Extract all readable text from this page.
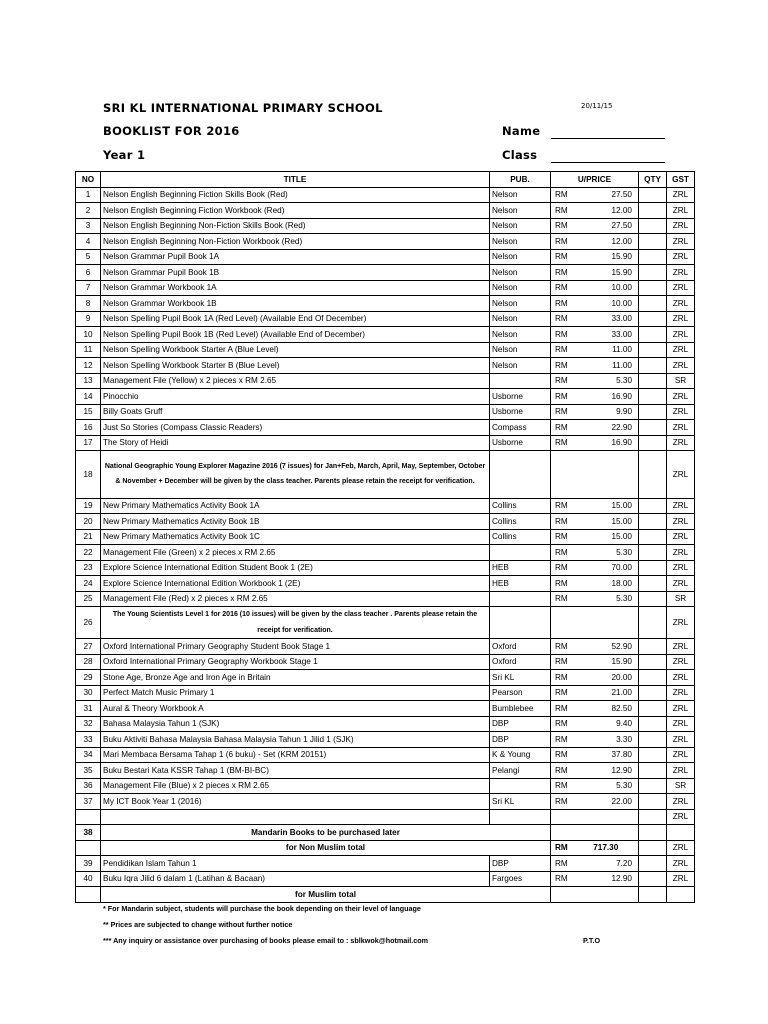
SRI KL INTERNATIONAL PRIMARY SCHOOL	20/11/15
BOOKLIST FOR 2016	Name
Year 1	Class
NO	TITLE	PUB.	U/PRICE		QTY	GST
1	Nelson English Beginning Fiction Skills Book (Red)	Nelson	RM	27.50		ZRL
2	Nelson English Beginning Fiction Workbook (Red)	Nelson	RM	12.00		ZRL
3	Nelson English Beginning Non-Fiction Skills Book (Red)	Nelson	RM	27.50		ZRL
4	Nelson English Beginning Non-Fiction Workbook (Red)	Nelson	RM	12.00		ZRL
5	Nelson Grammar Pupil Book 1A	Nelson	RM	15.90		ZRL
6	Nelson Grammar Pupil Book 1B	Nelson	RM	15.90		ZRL
7	Nelson Grammar Workbook 1A	Nelson	RM	10.00		ZRL
8	Nelson Grammar Workbook 1B	Nelson	RM	10.00		ZRL
9	Nelson Spelling Pupil Book 1A (Red Level) (Available End Of December)	Nelson	RM	33.00		ZRL
10	Nelson Spelling Pupil Book 1B (Red Level) (Available End of December)	Nelson	RM	33.00		ZRL
11	Nelson Spelling Workbook Starter A (Blue Level)	Nelson	RM	11.00		ZRL
12	Nelson Spelling Workbook Starter B (Blue Level)	Nelson	RM	11.00		ZRL
13	Management File (Yellow) x 2 pieces x RM 2.65		RM	5.30		SR
14	Pinocchio	Usborne	RM	16.90		ZRL
15	Billy Goats Gruff	Usborne	RM	9.90		ZRL
16	Just So Stories (Compass Classic Readers)	Compass	RM	22.90		ZRL
17	The Story of Heidi	Usborne	RM	16.90		ZRL
18	National Geographic Young Explorer Magazine 2016 (7 issues) for Jan+Feb, March, April, May, September, October & November + December will be given by the class teacher. Parents please retain the receipt for verification.					ZRL
19	New Primary Mathematics Activity Book 1A	Collins	RM	15.00		ZRL
20	New Primary Mathematics Activity Book 1B	Collins	RM	15.00		ZRL
21	New Primary Mathematics Activity Book 1C	Collins	RM	15.00		ZRL
22	Management File (Green) x 2 pieces x RM 2.65		RM	5.30		ZRL
23	Explore Science International Edition Student Book 1 (2E)	HEB	RM	70.00		ZRL
24	Explore Science International Edition Workbook 1 (2E)	HEB	RM	18.00		ZRL
25	Management File (Red) x 2 pieces x RM 2.65		RM	5.30		SR
26	The Young Scientists Level 1 for 2016 (10 issues) will be given by the class teacher . Parents please retain the receipt for verification.					ZRL
27	Oxford International Primary Geography Student Book Stage 1	Oxford	RM	52.90		ZRL
28	Oxford International Primary Geography Workbook Stage 1	Oxford	RM	15.90		ZRL
29	Stone Age, Bronze Age and Iron Age in Britain	Sri KL	RM	20.00		ZRL
30	Perfect Match Music Primary 1	Pearson	RM	21.00		ZRL
31	Aural & Theory Workbook A	Bumblebee	RM	82.50		ZRL
32	Bahasa Malaysia Tahun 1 (SJK)	DBP	RM	9.40		ZRL
33	Buku Aktiviti Bahasa Malaysia Bahasa Malaysia Tahun 1 Jilid 1 (SJK)	DBP	RM	3.30		ZRL
34	Mari Membaca Bersama Tahap 1 (6 buku) - Set (KRM 20151)	K & Young	RM	37.80		ZRL
35	Buku Bestari Kata KSSR Tahap 1 (BM-BI-BC)	Pelangi	RM	12.90		ZRL
36	Management File (Blue) x 2 pieces x RM 2.65		RM	5.30		SR
37	My ICT Book Year 1 (2016)	Sri KL	RM	22.00		ZRL
						ZRL
38	Mandarin Books to be purchased later					
	for Non Muslim total		RM	717.30		ZRL
39	Pendidikan Islam Tahun 1	DBP	RM	7.20		ZRL
40	Buku Iqra Jilid 6 dalam 1 (Latihan & Bacaan)	Fargoes	RM	12.90		ZRL
	for Muslim total					
* For Mandarin subject, students will purchase the book depending on their level of language
** Prices are subjected to change without further notice
*** Any inquiry or assistance over purchasing of books please email to : sblkwok@hotmail.com	P.T.O
